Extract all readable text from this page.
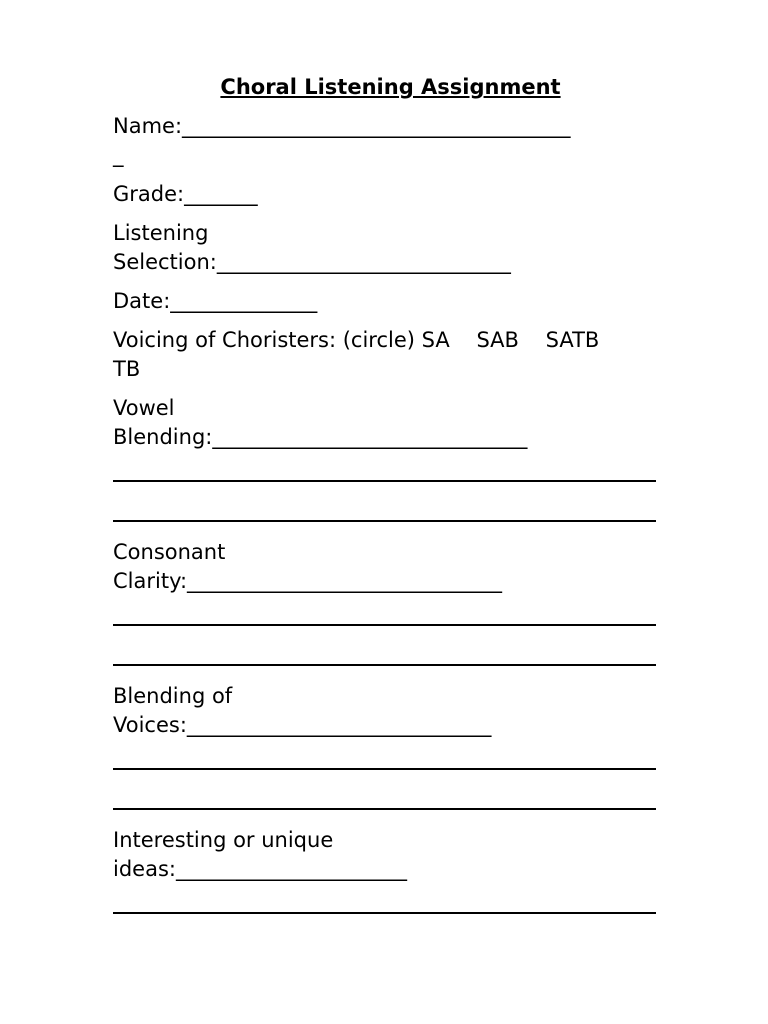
Choral Listening Assignment
Name:_____________________________________
_
Grade:_______
Listening
Selection:____________________________
Date:______________
Voicing of Choristers: (circle) SA    SAB    SATB
TB
Vowel
Blending:______________________________
Consonant
Clarity:______________________________
Blending of
Voices:_____________________________
Interesting or unique
ideas:______________________
